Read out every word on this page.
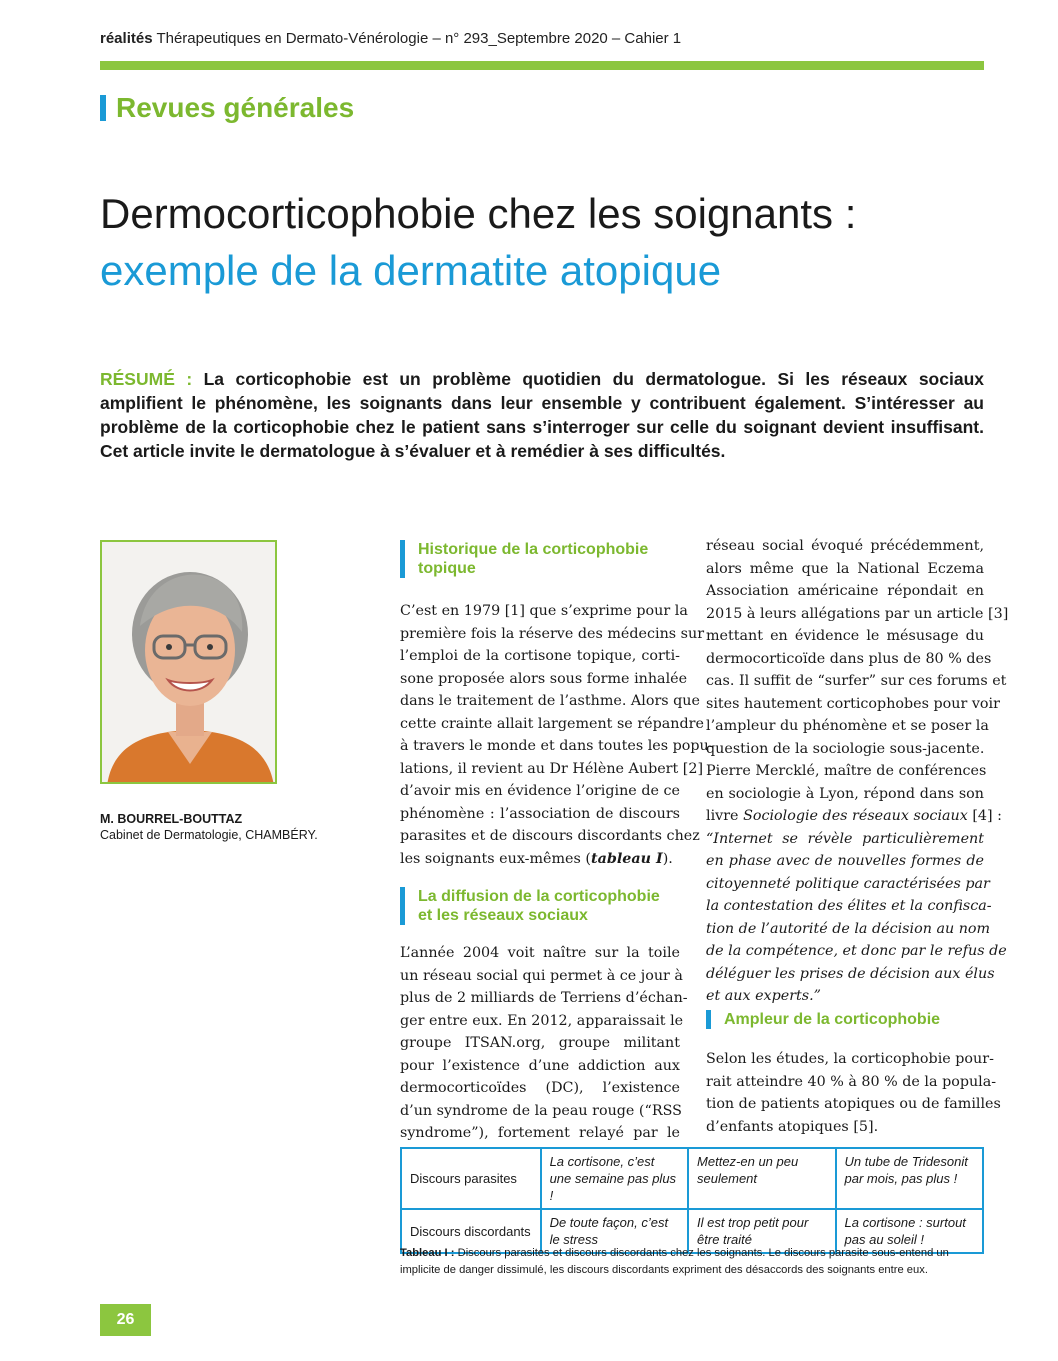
réalités Thérapeutiques en Dermato-Vénérologie – n° 293_Septembre 2020 – Cahier 1
Revues générales
Dermocorticophobie chez les soignants :
exemple de la dermatite atopique
RÉSUMÉ : La corticophobie est un problème quotidien du dermatologue. Si les réseaux sociaux amplifient le phénomène, les soignants dans leur ensemble y contribuent également. S’intéresser au problème de la corticophobie chez le patient sans s’interroger sur celle du soignant devient insuffisant. Cet article invite le dermatologue à s’évaluer et à remédier à ses difficultés.
M. BOURREL-BOUTTAZ
Cabinet de Dermatologie, CHAMBÉRY.
Historique de la corticophobie
topique
C’est en 1979 [1] que s’exprime pour la
première fois la réserve des médecins sur
l’emploi de la cortisone topique, corti-
sone proposée alors sous forme inhalée
dans le traitement de l’asthme. Alors que
cette crainte allait largement se répandre
à travers le monde et dans toutes les popu-
lations, il revient au Dr Hélène Aubert [2]
d’avoir mis en évidence l’origine de ce
phénomène : l’association de discours
parasites et de discours discordants chez
les soignants eux-mêmes (tableau I).
La diffusion de la corticophobie
et les réseaux sociaux
L’année 2004 voit naître sur la toile
un réseau social qui permet à ce jour à
plus de 2 milliards de Terriens d’échan-
ger entre eux. En 2012, apparaissait le
groupe ITSAN.org, groupe militant
pour l’existence d’une addiction aux
dermocorticoïdes (DC), l’existence
d’un syndrome de la peau rouge (“RSS
syndrome”), fortement relayé par le
réseau social évoqué précédemment,
alors même que la National Eczema
Association américaine répondait en
2015 à leurs allégations par un article [3]
mettant en évidence le mésusage du
dermocorticoïde dans plus de 80 % des
cas. Il suffit de “surfer” sur ces forums et
sites hautement corticophobes pour voir
l’ampleur du phénomène et se poser la
question de la sociologie sous-jacente.
Pierre Mercklé, maître de conférences
en sociologie à Lyon, répond dans son
livre Sociologie des réseaux sociaux [4] :
“Internet se révèle particulièrement
en phase avec de nouvelles formes de
citoyenneté politique caractérisées par
la contestation des élites et la confisca-
tion de l’autorité de la décision au nom
de la compétence, et donc par le refus de
déléguer les prises de décision aux élus
et aux experts.”
Ampleur de la corticophobie
Selon les études, la corticophobie pour-
rait atteindre 40 % à 80 % de la popula-
tion de patients atopiques ou de familles
d’enfants atopiques [5].
Discours parasites	La cortisone, c’est une semaine pas plus !	Mettez-en un peu seulement	Un tube de Tridesonit par mois, pas plus !
Discours discordants	De toute façon, c’est le stress	Il est trop petit pour être traité	La cortisone : surtout pas au soleil !
Tableau I : Discours parasites et discours discordants chez les soignants. Le discours parasite sous-entend un implicite de danger dissimulé, les discours discordants expriment des désaccords des soignants entre eux.
26
